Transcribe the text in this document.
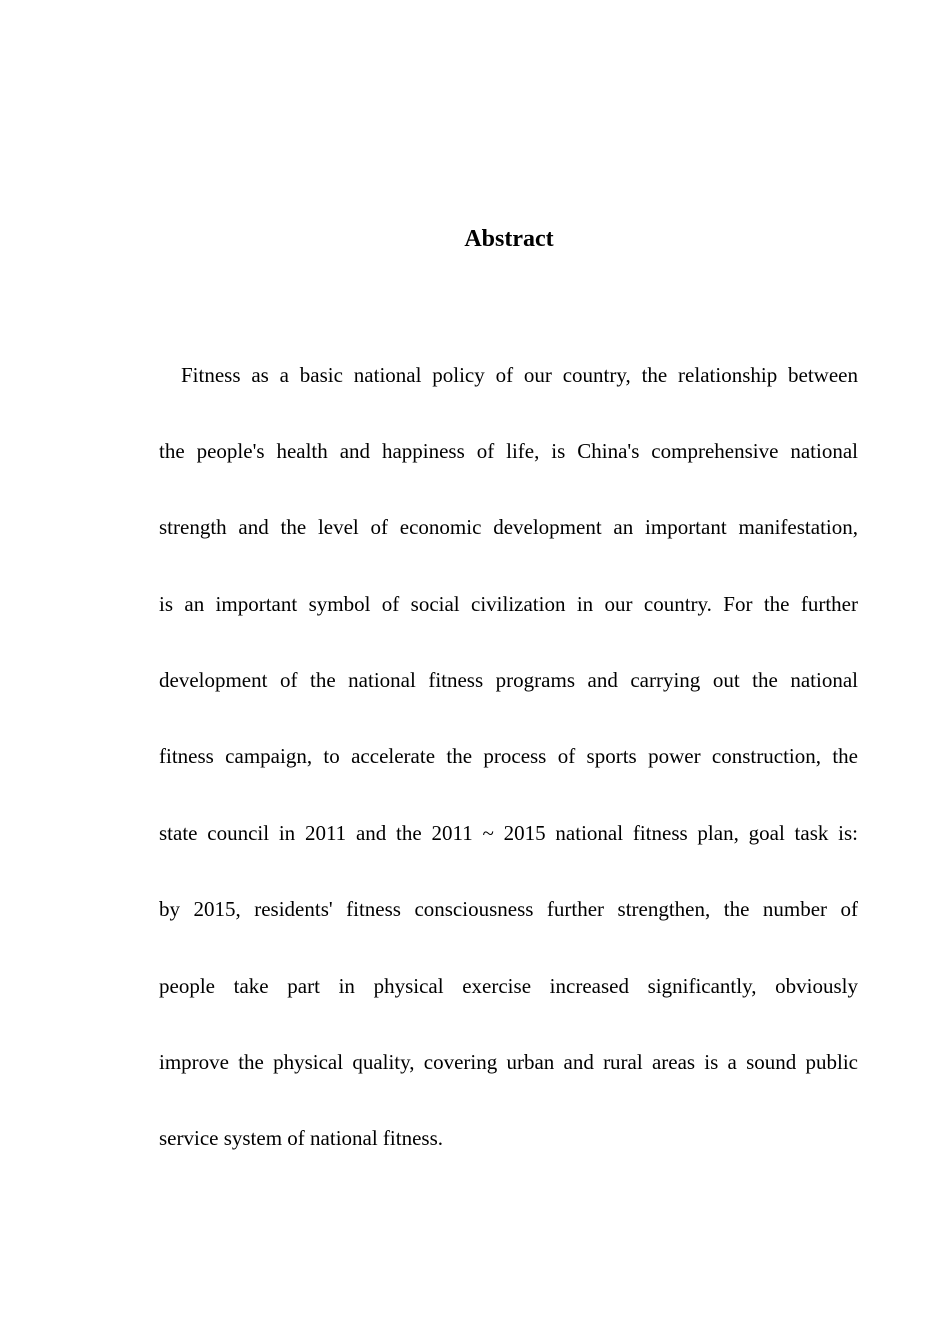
Abstract
Fitness as a basic national policy of our country, the relationship between
the people's health and happiness of life, is China's comprehensive national
strength and the level of economic development an important manifestation,
is an important symbol of social civilization in our country. For the further
development of the national fitness programs and carrying out the national
fitness campaign, to accelerate the process of sports power construction, the
state council in 2011 and the 2011 ~ 2015 national fitness plan, goal task is:
by 2015, residents' fitness consciousness further strengthen, the number of
people take part in physical exercise increased significantly, obviously
improve the physical quality, covering urban and rural areas is a sound public
service system of national fitness.
